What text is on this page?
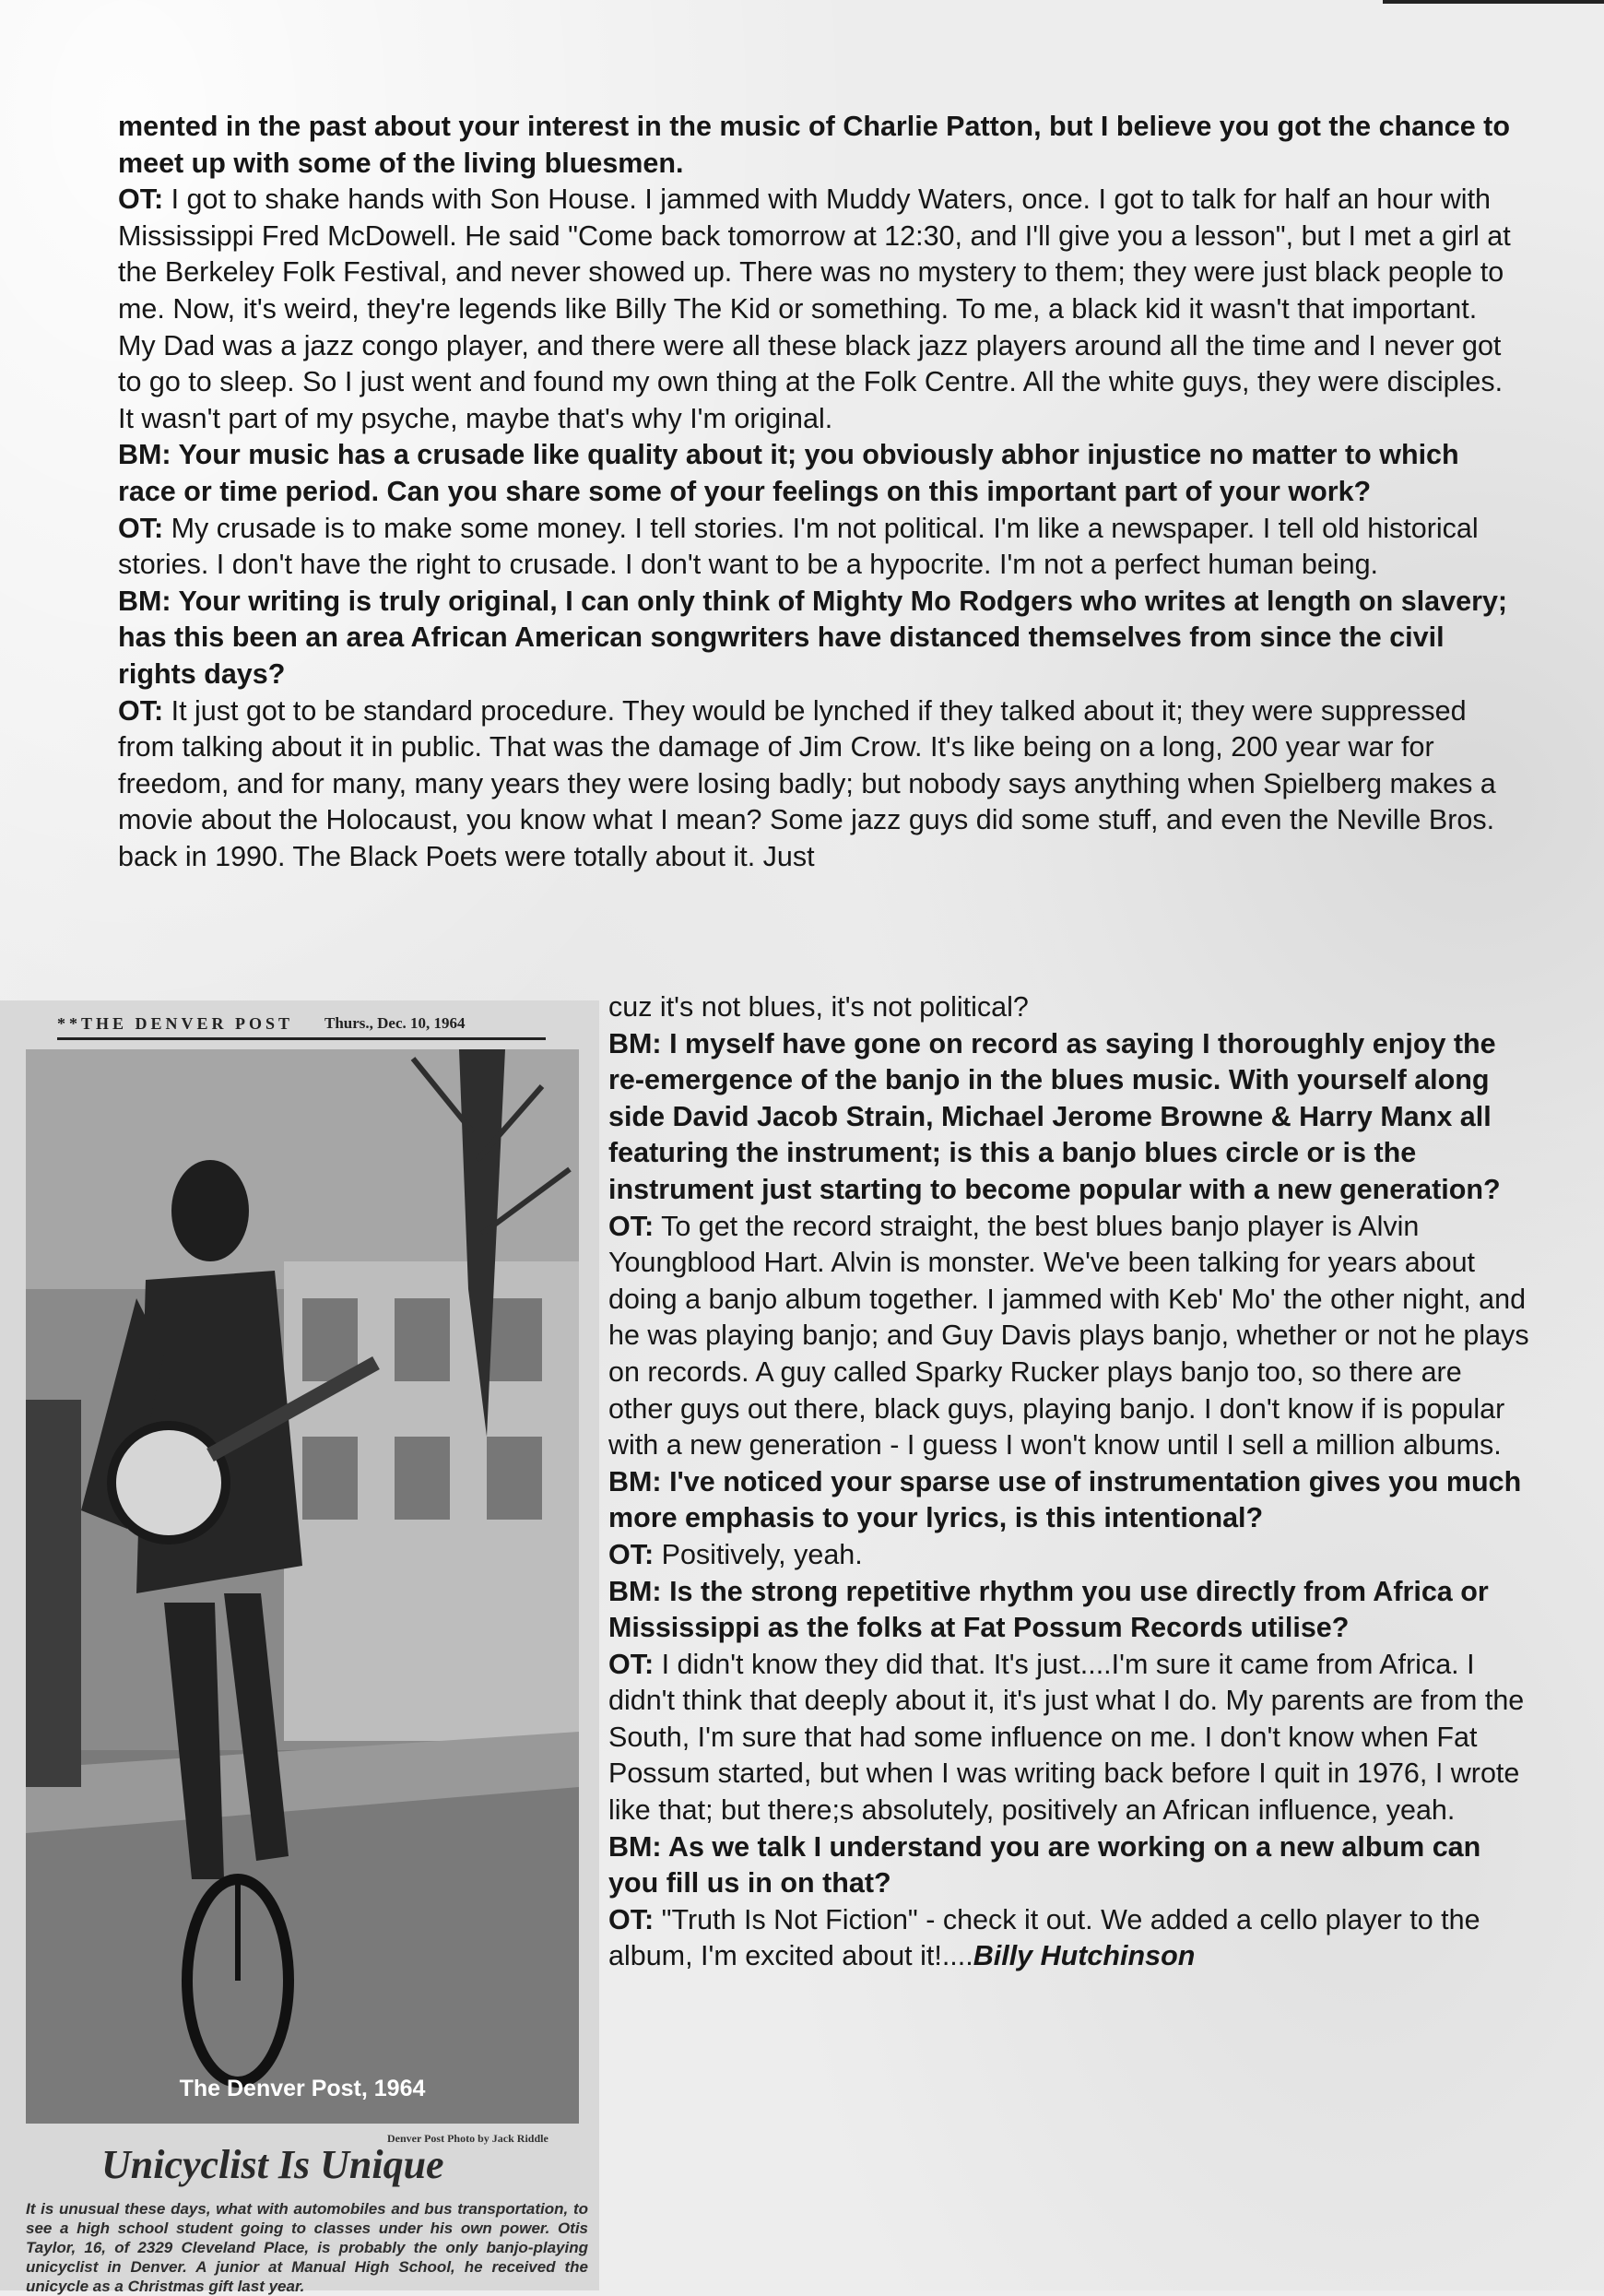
mented in the past about your interest in the music of Charlie Patton, but I believe you got the chance to meet up with some of the living bluesmen.

OT: I got to shake hands with Son House. I jammed with Muddy Waters, once. I got to talk for half an hour with Mississippi Fred McDowell. He said "Come back tomorrow at 12:30, and I'll give you a lesson", but I met a girl at the Berkeley Folk Festival, and never showed up. There was no mystery to them; they were just black people to me. Now, it's weird, they're legends like Billy The Kid or something. To me, a black kid it wasn't that important. My Dad was a jazz congo player, and there were all these black jazz players around all the time and I never got to go to sleep. So I just went and found my own thing at the Folk Centre. All the white guys, they were disciples. It wasn't part of my psyche, maybe that's why I'm original.

BM: Your music has a crusade like quality about it; you obviously abhor injustice no matter to which race or time period. Can you share some of your feelings on this important part of your work?

OT: My crusade is to make some money. I tell stories. I'm not political. I'm like a newspaper. I tell old historical stories. I don't have the right to crusade. I don't want to be a hypocrite. I'm not a perfect human being.

BM: Your writing is truly original, I can only think of Mighty Mo Rodgers who writes at length on slavery; has this been an area African American songwriters have distanced themselves from since the civil rights days?

OT: It just got to be standard procedure. They would be lynched if they talked about it; they were suppressed from talking about it in public. That was the damage of Jim Crow. It's like being on a long, 200 year war for freedom, and for many, many years they were losing badly; but nobody says anything when Spielberg makes a movie about the Holocaust, you know what I mean? Some jazz guys did some stuff, and even the Neville Bros. back in 1990. The Black Poets were totally about it. Just

cuz it's not blues, it's not political?

BM: I myself have gone on record as saying I thoroughly enjoy the re-emergence of the banjo in the blues music. With yourself along side David Jacob Strain, Michael Jerome Browne & Harry Manx all featuring the instrument; is this a banjo blues circle or is the instrument just starting to become popular with a new generation?

OT: To get the record straight, the best blues banjo player is Alvin Youngblood Hart. Alvin is monster. We've been talking for years about doing a banjo album together. I jammed with Keb' Mo' the other night, and he was playing banjo; and Guy Davis plays banjo, whether or not he plays on records. A guy called Sparky Rucker plays banjo too, so there are other guys out there, black guys, playing banjo. I don't know if is popular with a new generation - I guess I won't know until I sell a million albums.

BM: I've noticed your sparse use of instrumentation gives you much more emphasis to your lyrics, is this intentional?

OT: Positively, yeah.

BM: Is the strong repetitive rhythm you use directly from Africa or Mississippi as the folks at Fat Possum Records utilise?

OT: I didn't know they did that. It's just....I'm sure it came from Africa. I didn't think that deeply about it, it's just what I do. My parents are from the South, I'm sure that had some influence on me. I don't know when Fat Possum started, but when I was writing back before I quit in 1976, I wrote like that; but there;s absolutely, positively an African influence, yeah.

BM: As we talk I understand you are working on a new album can you fill us in on that?

OT: "Truth Is Not Fiction" - check it out. We added a cello player to the album, I'm excited about it!....Billy Hutchinson

**THE DENVER POST Thurs., Dec. 10, 1964
The Denver Post, 1964
Denver Post Photo by Jack Riddle
Unicyclist Is Unique
It is unusual these days, what with automobiles and bus transportation, to see a high school student going to classes under his own power. Otis Taylor, 16, of 2329 Cleveland Place, is probably the only banjo-playing unicyclist in Denver. A junior at Manual High School, he received the unicycle as a Christmas gift last year.
